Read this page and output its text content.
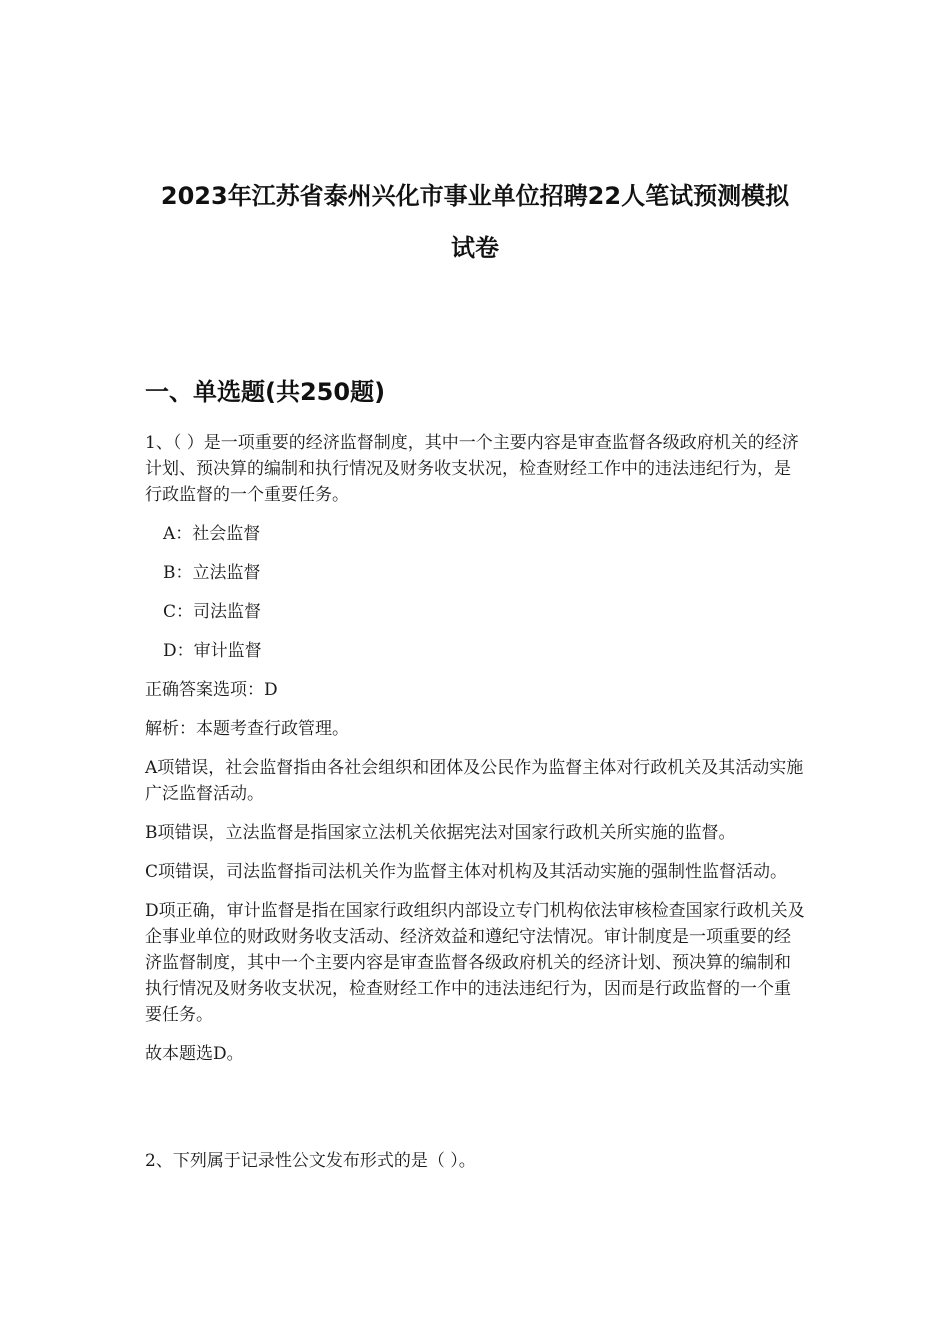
2023年江苏省泰州兴化市事业单位招聘22人笔试预测模拟
试卷
一、单选题(共250题)

1、（ ）是一项重要的经济监督制度，其中一个主要内容是审查监督各级政府机关的经济计划、预决算的编制和执行情况及财务收支状况，检查财经工作中的违法违纪行为，是行政监督的一个重要任务。

A：社会监督

B：立法监督

C：司法监督

D：审计监督

正确答案选项：D

解析：本题考查行政管理。

A项错误，社会监督指由各社会组织和团体及公民作为监督主体对行政机关及其活动实施广泛监督活动。

B项错误，立法监督是指国家立法机关依据宪法对国家行政机关所实施的监督。

C项错误，司法监督指司法机关作为监督主体对机构及其活动实施的强制性监督活动。

D项正确，审计监督是指在国家行政组织内部设立专门机构依法审核检查国家行政机关及企事业单位的财政财务收支活动、经济效益和遵纪守法情况。审计制度是一项重要的经济监督制度，其中一个主要内容是审查监督各级政府机关的经济计划、预决算的编制和执行情况及财务收支状况，检查财经工作中的违法违纪行为，因而是行政监督的一个重要任务。

故本题选D。

2、下列属于记录性公文发布形式的是（ ）。
